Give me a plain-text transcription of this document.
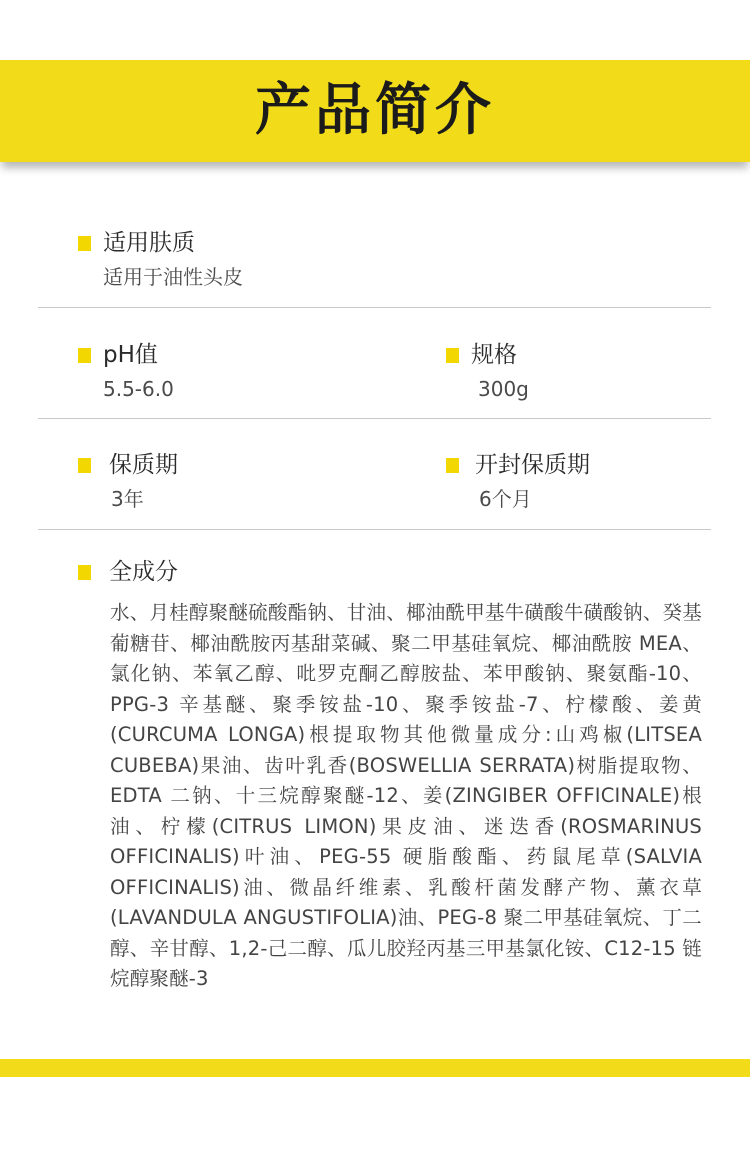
产品简介
适用肤质
适用于油性头皮
pH值
5.5-6.0
规格
300g
保质期
3年
开封保质期
6个月
全成分
水、月桂醇聚醚硫酸酯钠、甘油、椰油酰甲基牛磺酸牛磺酸钠、癸基葡糖苷、椰油酰胺丙基甜菜碱、聚二甲基硅氧烷、椰油酰胺 MEA、氯化钠、苯氧乙醇、吡罗克酮乙醇胺盐、苯甲酸钠、聚氨酯-10、PPG-3 辛基醚、聚季铵盐-10、聚季铵盐-7、柠檬酸、姜黄(CURCUMA LONGA)根提取物其他微量成分:山鸡椒(LITSEA CUBEBA)果油、齿叶乳香(BOSWELLIA SERRATA)树脂提取物、EDTA 二钠、十三烷醇聚醚-12、姜(ZINGIBER OFFICINALE)根油、柠檬(CITRUS LIMON)果皮油、迷迭香(ROSMARINUS OFFICINALIS)叶油、PEG-55 硬脂酸酯、药鼠尾草(SALVIA OFFICINALIS)油、微晶纤维素、乳酸杆菌发酵产物、薰衣草(LAVANDULA ANGUSTIFOLIA)油、PEG-8 聚二甲基硅氧烷、丁二醇、辛甘醇、1,2-己二醇、瓜儿胶羟丙基三甲基氯化铵、C12-15 链烷醇聚醚-3
